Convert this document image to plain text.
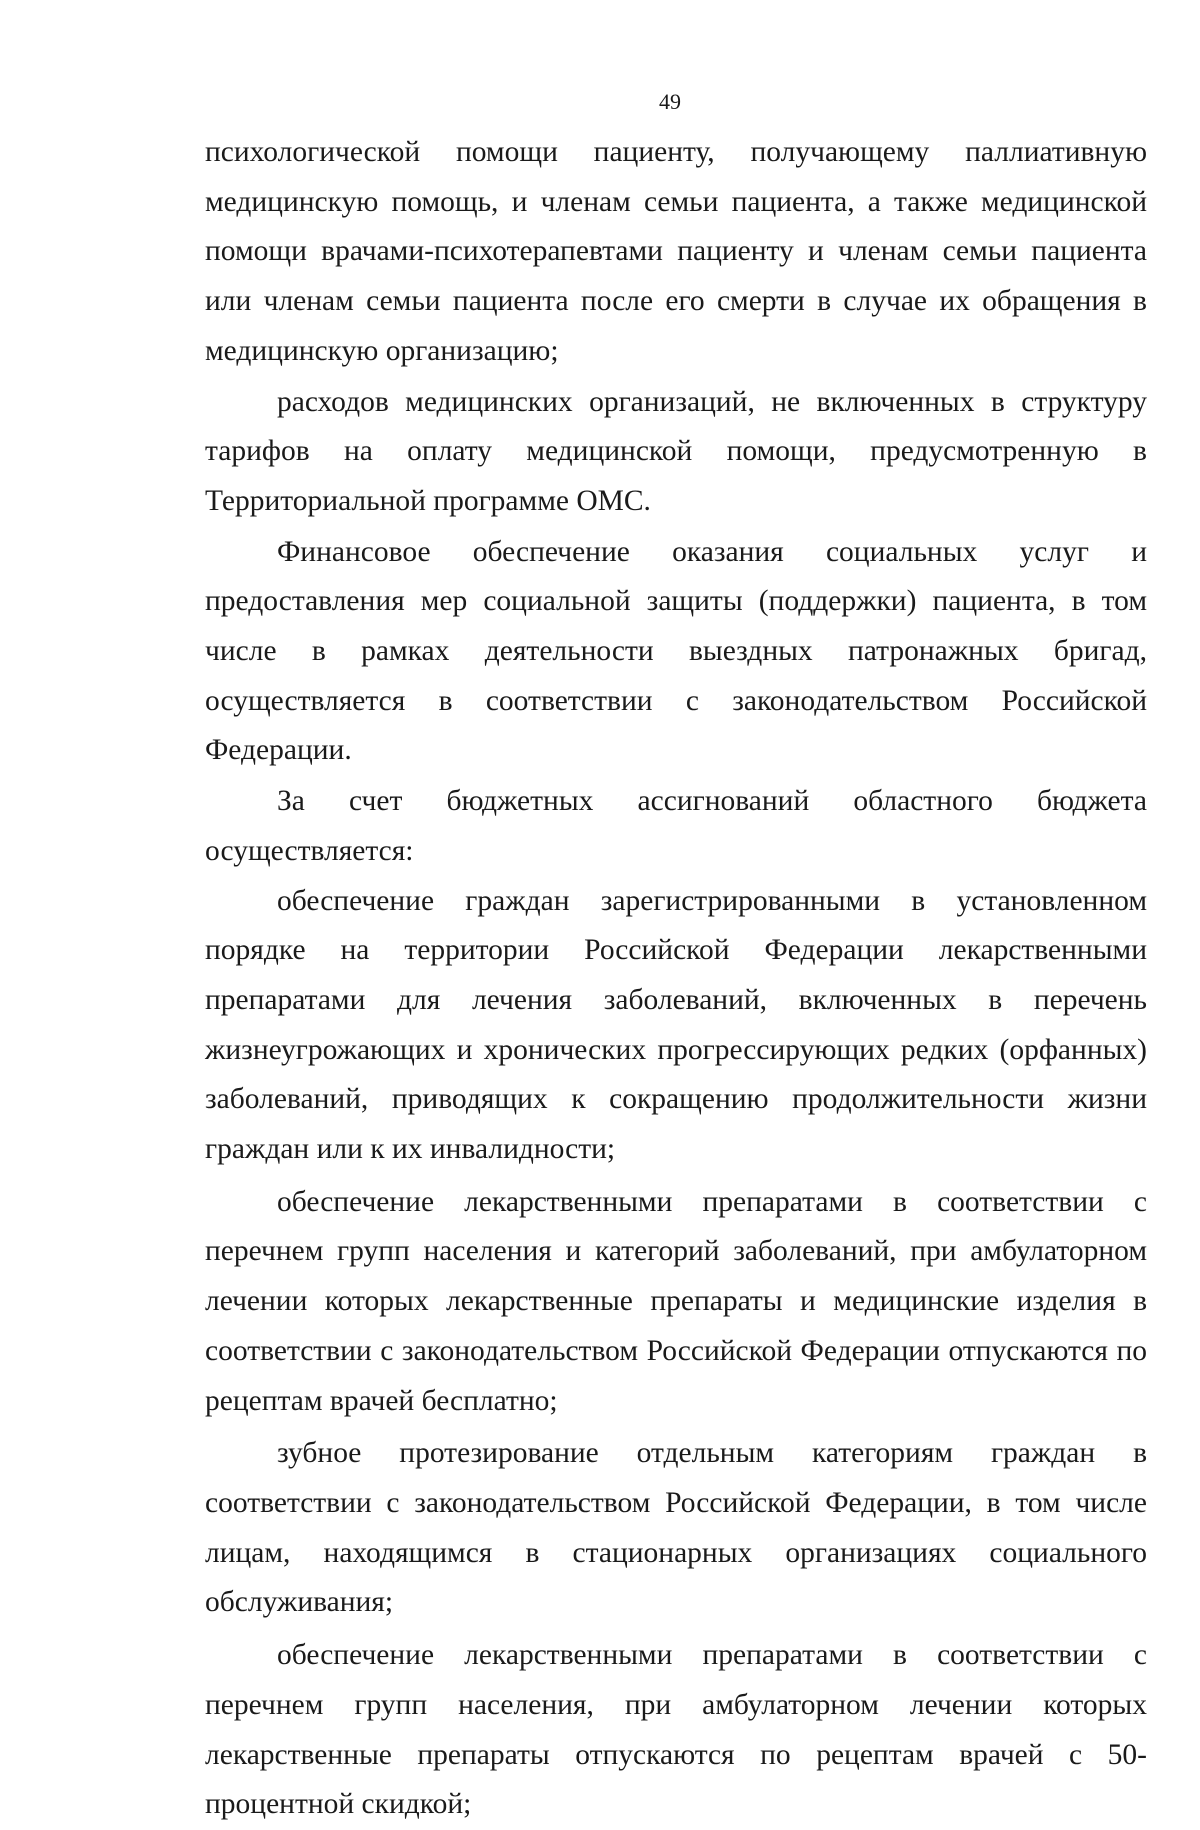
49

психологической помощи пациенту, получающему паллиативную медицинскую помощь, и членам семьи пациента, а также медицинской помощи врачами-психотерапевтами пациенту и членам семьи пациента или членам семьи пациента после его смерти в случае их обращения в медицинскую организацию;

расходов медицинских организаций, не включенных в структуру тарифов на оплату медицинской помощи, предусмотренную в Территориальной программе ОМС.

Финансовое обеспечение оказания социальных услуг и предоставления мер социальной защиты (поддержки) пациента, в том числе в рамках деятельности выездных патронажных бригад, осуществляется в соответствии с законодательством Российской Федерации.

За счет бюджетных ассигнований областного бюджета осуществляется:

обеспечение граждан зарегистрированными в установленном порядке на территории Российской Федерации лекарственными препаратами для лечения заболеваний, включенных в перечень жизнеугрожающих и хронических прогрессирующих редких (орфанных) заболеваний, приводящих к сокращению продолжительности жизни граждан или к их инвалидности;

обеспечение лекарственными препаратами в соответствии с перечнем групп населения и категорий заболеваний, при амбулаторном лечении которых лекарственные препараты и медицинские изделия в соответствии с законодательством Российской Федерации отпускаются по рецептам врачей бесплатно;

зубное протезирование отдельным категориям граждан в соответствии с законодательством Российской Федерации, в том числе лицам, находящимся в стационарных организациях социального обслуживания;

обеспечение лекарственными препаратами в соответствии с перечнем групп населения, при амбулаторном лечении которых лекарственные препараты отпускаются по рецептам врачей с 50-процентной скидкой;
